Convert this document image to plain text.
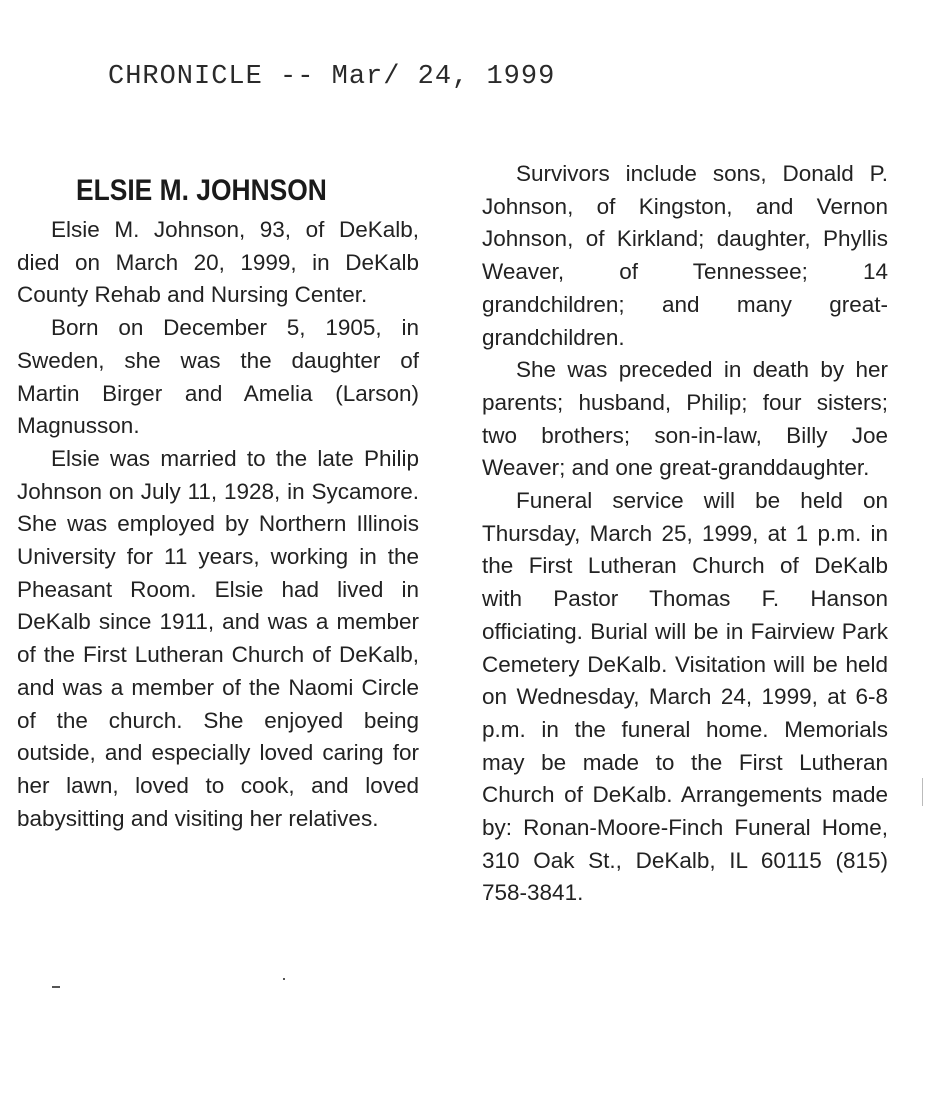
CHRONICLE -- Mar/ 24, 1999
ELSIE M. JOHNSON

Elsie M. Johnson, 93, of DeKalb, died on March 20, 1999, in DeKalb County Rehab and Nursing Center.

Born on December 5, 1905, in Sweden, she was the daughter of Martin Birger and Amelia (Larson) Magnusson.

Elsie was married to the late Philip Johnson on July 11, 1928, in Sycamore. She was employed by Northern Illinois University for 11 years, working in the Pheasant Room. Elsie had lived in DeKalb since 1911, and was a member of the First Lutheran Church of DeKalb, and was a member of the Naomi Circle of the church. She enjoyed being outside, and especially loved caring for her lawn, loved to cook, and loved babysitting and visiting her relatives.

Survivors include sons, Donald P. Johnson, of Kingston, and Vernon Johnson, of Kirkland; daughter, Phyllis Weaver, of Tennessee; 14 grandchildren; and many great-grandchildren.

She was preceded in death by her parents; husband, Philip; four sisters; two brothers; son-in-law, Billy Joe Weaver; and one great-granddaughter.

Funeral service will be held on Thursday, March 25, 1999, at 1 p.m. in the First Lutheran Church of DeKalb with Pastor Thomas F. Hanson officiating. Burial will be in Fairview Park Cemetery DeKalb. Visitation will be held on Wednesday, March 24, 1999, at 6-8 p.m. in the funeral home. Memorials may be made to the First Lutheran Church of DeKalb. Arrangements made by: Ronan-Moore-Finch Funeral Home, 310 Oak St., DeKalb, IL 60115 (815) 758-3841.
